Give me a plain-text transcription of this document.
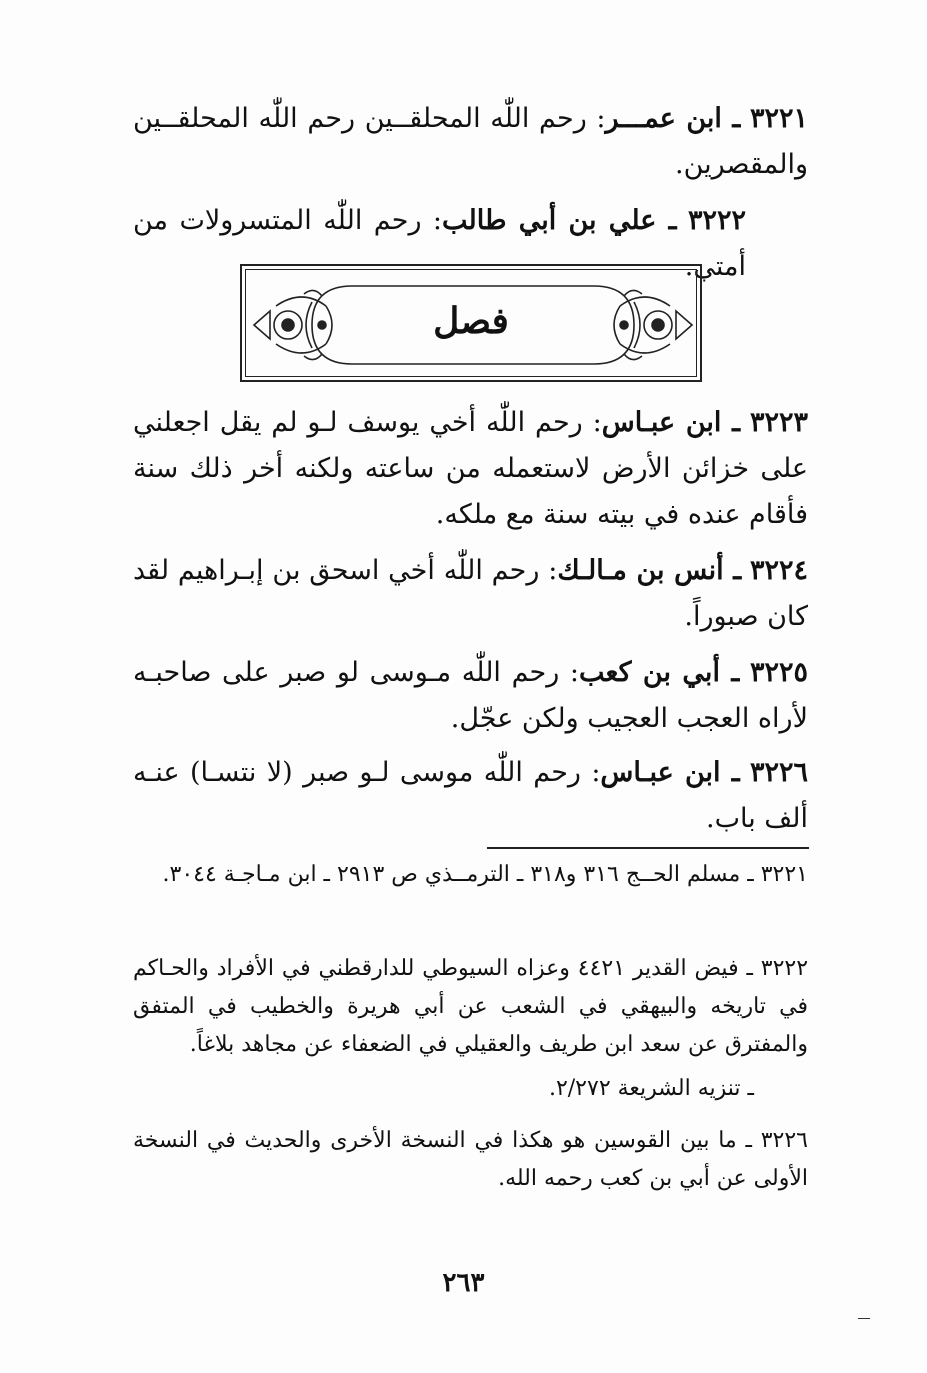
٣٢٢١ ـ ابن عمـــر: رحم اللّٰه المحلقــين رحم اللّٰه المحلقــين والمقصرين.

٣٢٢٢ ـ علي بن أبي طالب: رحم اللّٰه المتسرولات من أمتي.

فصل

٣٢٢٣ ـ ابن عبـاس: رحم اللّٰه أخي يوسف لـو لم يقل اجعلني على خزائن الأرض لاستعمله من ساعته ولكنه أخر ذلك سنة فأقام عنده في بيته سنة مع ملكه.

٣٢٢٤ ـ أنس بن مـالـك: رحم اللّٰه أخي اسحق بن إبـراهيم لقد كان صبوراً.

٣٢٢٥ ـ أبي بن كعب: رحم اللّٰه مـوسى لو صبر على صاحبـه لأراه العجب العجيب ولكن عجّل.

٣٢٢٦ ـ ابن عبـاس: رحم اللّٰه موسى لـو صبر (لا نتسـا) عنـه ألف باب.

٣٢٢١ ـ مسلم الحــج ٣١٦ و٣١٨ ـ الترمــذي ص ٢٩١٣ ـ ابن مـاجـة ٣٠٤٤.

٣٢٢٢ ـ فيض القدير ٤٤٢١ وعزاه السيوطي للدارقطني في الأفراد والحـاكم في تاريخه والبيهقي في الشعب عن أبي هريرة والخطيب في المتفق والمفترق عن سعد ابن طريف والعقيلي في الضعفاء عن مجاهد بلاغاً.

ـ تنزيه الشريعة ٢/٢٧٢.

٣٢٢٦ ـ ما بين القوسين هو هكذا في النسخة الأخرى والحديث في النسخة الأولى عن أبي بن كعب رحمه الله.

٢٦٣
